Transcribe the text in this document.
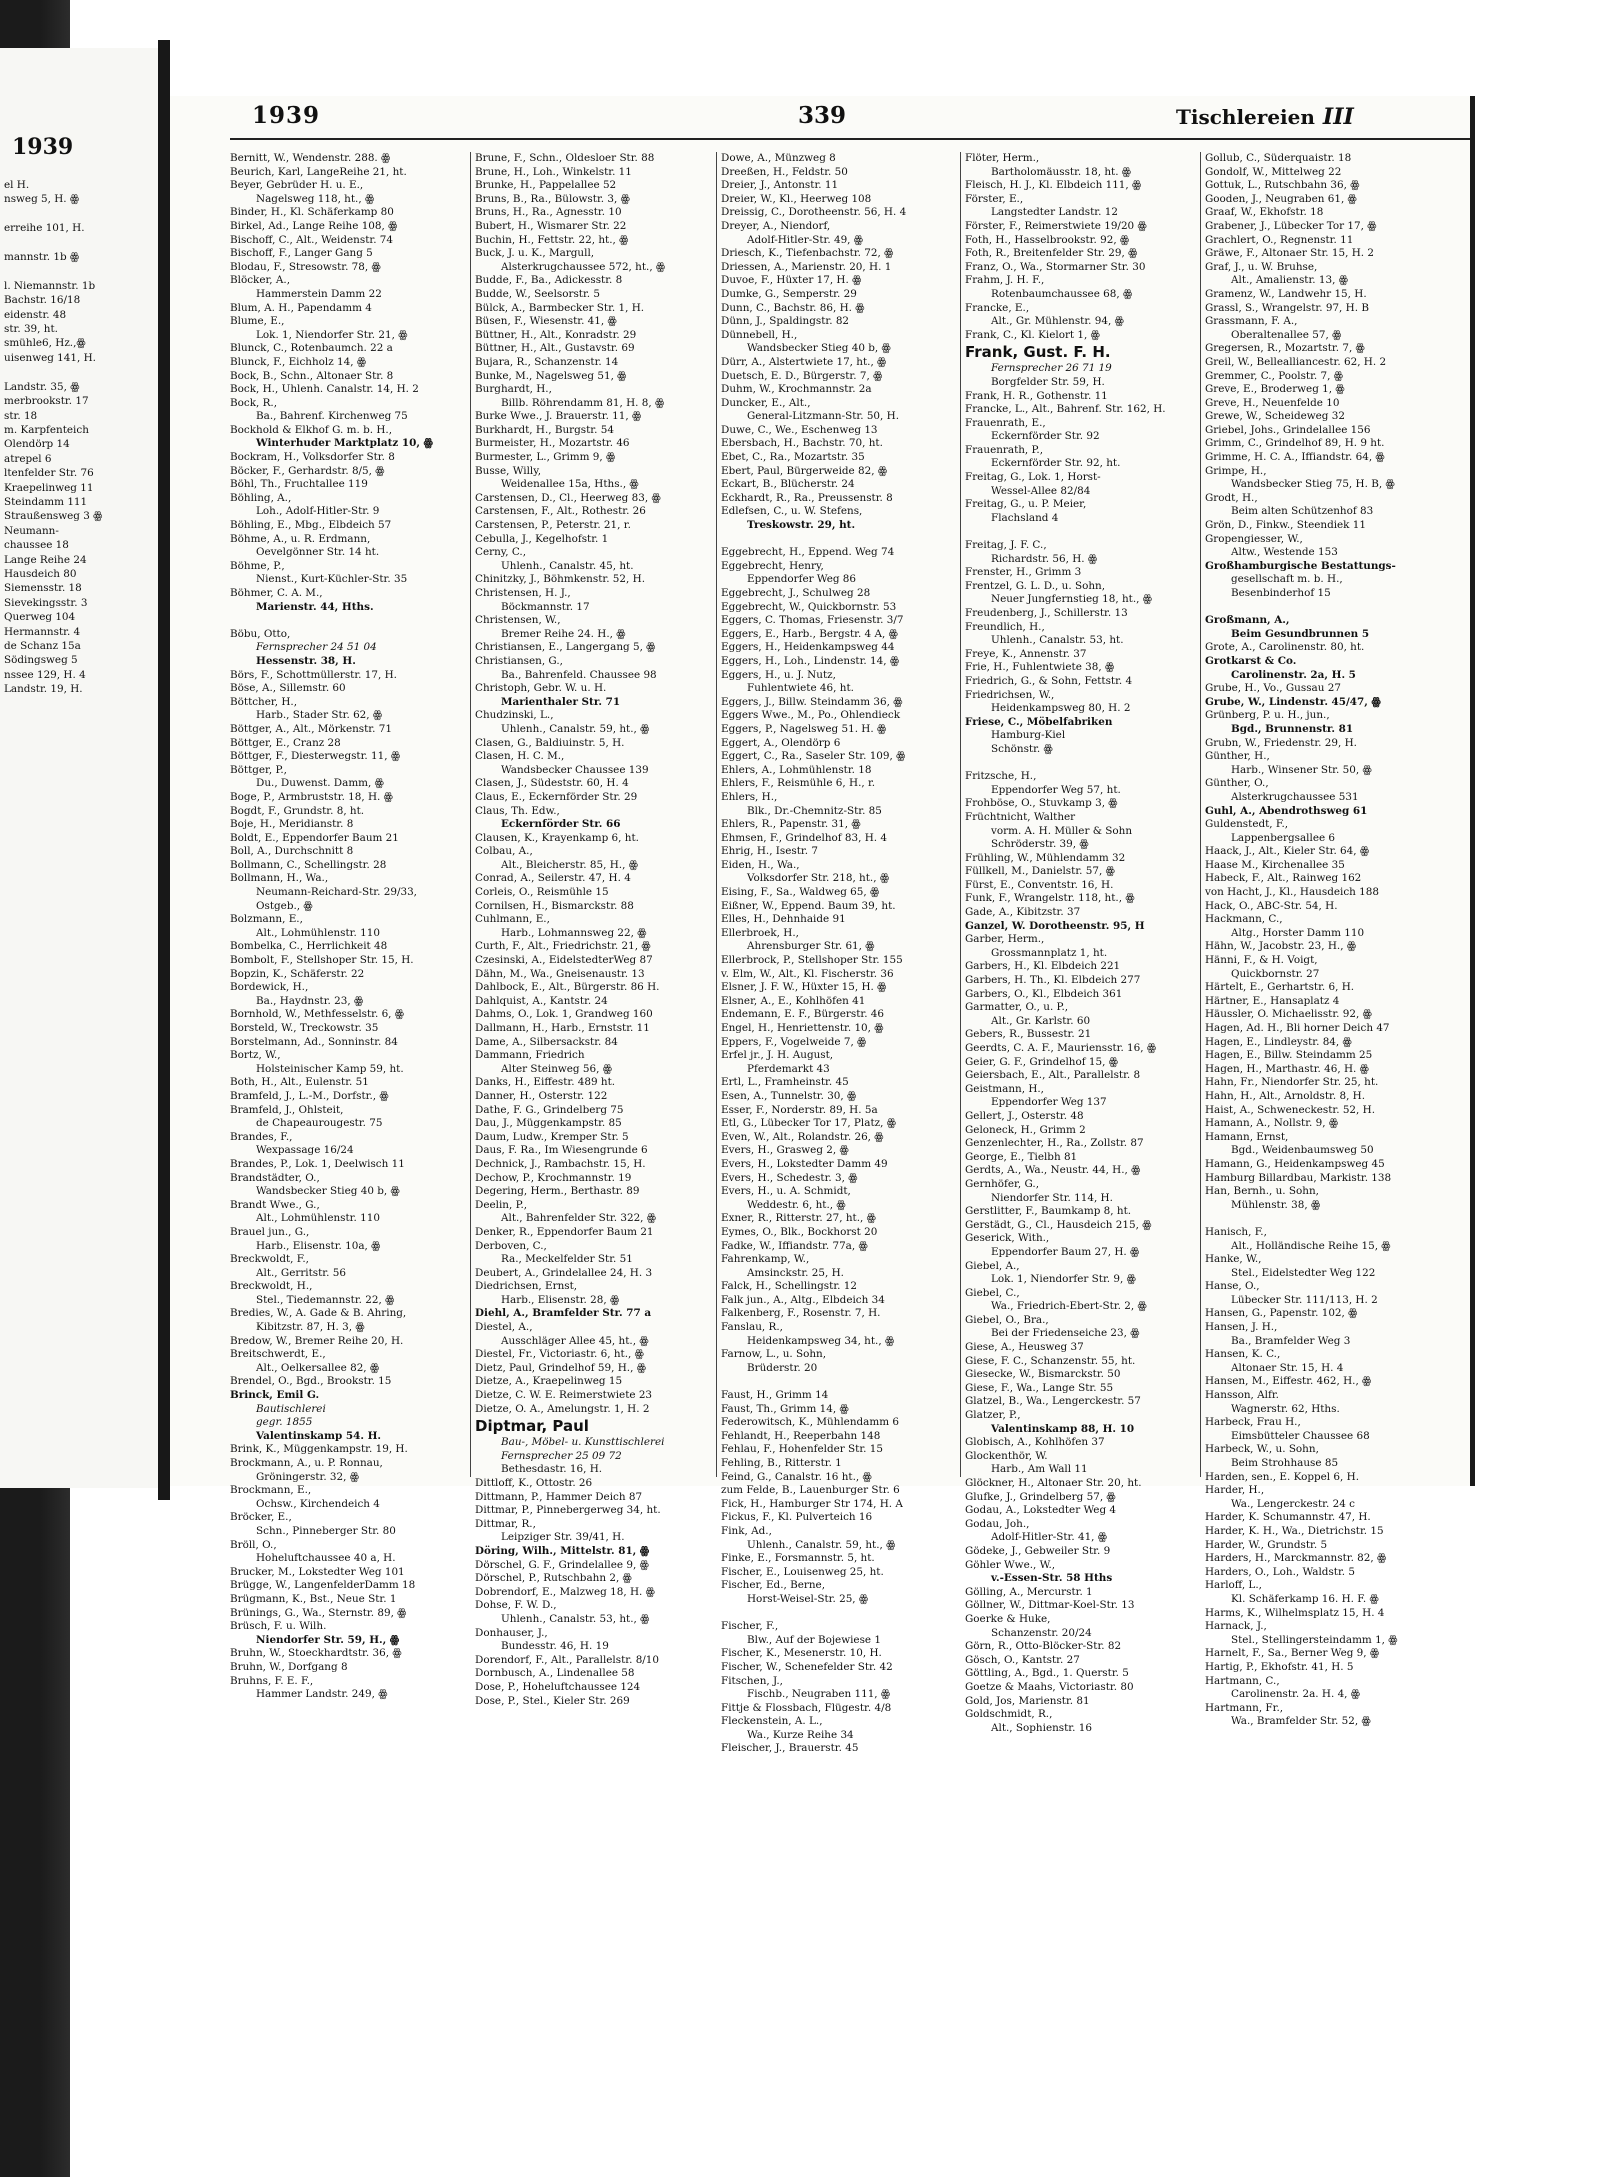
1939
el H.
nsweg 5, H. ꙮ

erreihe 101, H.

mannstr. 1b ꙮ

l. Niemannstr. 1b
Bachstr. 16/18
eidenstr. 48
str. 39, ht.
smühle6, Hz.,ꙮ
uisenweg 141, H.

Landstr. 35, ꙮ
merbrookstr. 17
str. 18
m. Karpfenteich
Olendörp 14
atrepel 6
ltenfelder Str. 76
Kraepelinweg 11
Steindamm 111
Straußensweg 3 ꙮ
Neumann-
chaussee 18
Lange Reihe 24
Hausdeich 80
Siemensstr. 18
Sievekingsstr. 3
Querweg 104
Hermannstr. 4
de Schanz 15a
Södingsweg 5
nssee 129, H. 4
Landstr. 19, H.
1939	339	Tischlereien III
Bernitt, W., Wendenstr. 288. ꙮ
Beurich, Karl, LangeReihe 21, ht.
Beyer, Gebrüder H. u. E.,
Nagelsweg 118, ht., ꙮ
Binder, H., Kl. Schäferkamp 80
Birkel, Ad., Lange Reihe 108, ꙮ
Bischoff, C., Alt., Weidenstr. 74
Bischoff, F., Langer Gang 5
Blodau, F., Stresowstr. 78, ꙮ
Blöcker, A.,
Hammerstein Damm 22
Blum, A. H., Papendamm 4
Blume, E.,
Lok. 1, Niendorfer Str. 21, ꙮ
Blunck, C., Rotenbaumch. 22 a
Blunck, F., Eichholz 14, ꙮ
Bock, B., Schn., Altonaer Str. 8
Bock, H., Uhlenh. Canalstr. 14, H. 2
Bock, R.,
Ba., Bahrenf. Kirchenweg 75
Bockhold & Elkhof G. m. b. H.,
Winterhuder Marktplatz 10, ꙮ
Bockram, H., Volksdorfer Str. 8
Böcker, F., Gerhardstr. 8/5, ꙮ
Böhl, Th., Fruchtallee 119
Böhling, A.,
Loh., Adolf-Hitler-Str. 9
Böhling, E., Mbg., Elbdeich 57
Böhme, A., u. R. Erdmann,
Oevelgönner Str. 14 ht.
Böhme, P.,
Nienst., Kurt-Küchler-Str. 35
Böhmer, C. A. M.,
Marienstr. 44, Hths.

Böbu, Otto,
Fernsprecher 24 51 04
Hessenstr. 38, H.
Börs, F., Schottmüllerstr. 17, H.
Böse, A., Sillemstr. 60
Böttcher, H.,
Harb., Stader Str. 62, ꙮ
Böttger, A., Alt., Mörkenstr. 71
Böttger, E., Cranz 28
Böttger, F., Diesterwegstr. 11, ꙮ
Böttger, P.,
Du., Duwenst. Damm, ꙮ
Boge, P., Armbruststr. 18, H. ꙮ
Bogdt, F., Grundstr. 8, ht.
Boje, H., Meridianstr. 8
Boldt, E., Eppendorfer Baum 21
Boll, A., Durchschnitt 8
Bollmann, C., Schellingstr. 28
Bollmann, H., Wa.,
Neumann-Reichard-Str. 29/33,
Ostgeb., ꙮ
Bolzmann, E.,
Alt., Lohmühlenstr. 110
Bombelka, C., Herrlichkeit 48
Bombolt, F., Stellshoper Str. 15, H.
Bopzin, K., Schäferstr. 22
Bordewick, H.,
Ba., Haydnstr. 23, ꙮ
Bornhold, W., Methfesselstr. 6, ꙮ
Borsteld, W., Treckowstr. 35
Borstelmann, Ad., Sonninstr. 84
Bortz, W.,
Holsteinischer Kamp 59, ht.
Both, H., Alt., Eulenstr. 51
Bramfeld, J., L.-M., Dorfstr., ꙮ
Bramfeld, J., Ohlsteit,
de Chapeaurougestr. 75
Brandes, F.,
Wexpassage 16/24
Brandes, P., Lok. 1, Deelwisch 11
Brandstädter, O.,
Wandsbecker Stieg 40 b, ꙮ
Brandt Wwe., G.,
Alt., Lohmühlenstr. 110
Brauel jun., G.,
Harb., Elisenstr. 10a, ꙮ
Breckwoldt, F.,
Alt., Gerritstr. 56
Breckwoldt, H.,
Stel., Tiedemannstr. 22, ꙮ
Bredies, W., A. Gade & B. Ahring,
Kibitzstr. 87, H. 3, ꙮ
Bredow, W., Bremer Reihe 20, H.
Breitschwerdt, E.,
Alt., Oelkersallee 82, ꙮ
Brendel, O., Bgd., Brookstr. 15
Brinck, Emil G.
Bautischlerei
gegr. 1855
Valentinskamp 54. H.
Brink, K., Müggenkampstr. 19, H.
Brockmann, A., u. P. Ronnau,
Gröningerstr. 32, ꙮ
Brockmann, E.,
Ochsw., Kirchendeich 4
Bröcker, E.,
Schn., Pinneberger Str. 80
Bröll, O.,
Hoheluftchaussee 40 a, H.
Brucker, M., Lokstedter Weg 101
Brügge, W., LangenfelderDamm 18
Brügmann, K., Bst., Neue Str. 1
Brünings, G., Wa., Sternstr. 89, ꙮ
Brüsch, F. u. Wilh.
Niendorfer Str. 59, H., ꙮ
Bruhn, W., Stoeckhardtstr. 36, ꙮ
Bruhn, W., Dorfgang 8
Bruhns, F. E. F.,
Hammer Landstr. 249, ꙮ
Brune, F., Schn., Oldesloer Str. 88
Brune, H., Loh., Winkelstr. 11
Brunke, H., Pappelallee 52
Bruns, B., Ra., Bülowstr. 3, ꙮ
Bruns, H., Ra., Agnesstr. 10
Bubert, H., Wismarer Str. 22
Buchin, H., Fettstr. 22, ht., ꙮ
Buck, J. u. K., Margull,
Alsterkrugchaussee 572, ht., ꙮ
Budde, F., Ba., Adickesstr. 8
Budde, W., Seelsorstr. 5
Bülck, A., Barmbecker Str. 1, H.
Büsen, F., Wiesenstr. 41, ꙮ
Büttner, H., Alt., Konradstr. 29
Büttner, H., Alt., Gustavstr. 69
Bujara, R., Schanzenstr. 14
Bunke, M., Nagelsweg 51, ꙮ
Burghardt, H.,
Billb. Röhrendamm 81, H. 8, ꙮ
Burke Wwe., J. Brauerstr. 11, ꙮ
Burkhardt, H., Burgstr. 54
Burmeister, H., Mozartstr. 46
Burmester, L., Grimm 9, ꙮ
Busse, Willy,
Weidenallee 15a, Hths., ꙮ
Carstensen, D., Cl., Heerweg 83, ꙮ
Carstensen, F., Alt., Rothestr. 26
Carstensen, P., Peterstr. 21, r.
Cebulla, J., Kegelhofstr. 1
Cerny, C.,
Uhlenh., Canalstr. 45, ht.
Chinitzky, J., Böhmkenstr. 52, H.
Christensen, H. J.,
Böckmannstr. 17
Christensen, W.,
Bremer Reihe 24. H., ꙮ
Christiansen, E., Langergang 5, ꙮ
Christiansen, G.,
Ba., Bahrenfeld. Chaussee 98
Christoph, Gebr. W. u. H.
Marienthaler Str. 71
Chudzinski, L.,
Uhlenh., Canalstr. 59, ht., ꙮ
Clasen, G., Baldiuinstr. 5, H.
Clasen, H. C. M.,
Wandsbecker Chaussee 139
Clasen, J., Südeststr. 60, H. 4
Claus, E., Eckernförder Str. 29
Claus, Th. Edw.,
Eckernförder Str. 66
Clausen, K., Krayenkamp 6, ht.
Colbau, A.,
Alt., Bleicherstr. 85, H., ꙮ
Conrad, A., Seilerstr. 47, H. 4
Corleis, O., Reismühle 15
Cornilsen, H., Bismarckstr. 88
Cuhlmann, E.,
Harb., Lohmannsweg 22, ꙮ
Curth, F., Alt., Friedrichstr. 21, ꙮ
Czesinski, A., EidelstedterWeg 87
Dähn, M., Wa., Gneisenaustr. 13
Dahlbock, E., Alt., Bürgerstr. 86 H.
Dahlquist, A., Kantstr. 24
Dahms, O., Lok. 1, Grandweg 160
Dallmann, H., Harb., Ernststr. 11
Dame, A., Silbersackstr. 84
Dammann, Friedrich
Alter Steinweg 56, ꙮ
Danks, H., Eiffestr. 489 ht.
Danner, H., Osterstr. 122
Dathe, F. G., Grindelberg 75
Dau, J., Müggenkampstr. 85
Daum, Ludw., Kremper Str. 5
Daus, F. Ra., Im Wiesengrunde 6
Dechnick, J., Rambachstr. 15, H.
Dechow, P., Krochmannstr. 19
Degering, Herm., Berthastr. 89
Deelin, P.,
Alt., Bahrenfelder Str. 322, ꙮ
Denker, R., Eppendorfer Baum 21
Derboven, C.,
Ra., Meckelfelder Str. 51
Deubert, A., Grindelallee 24, H. 3
Diedrichsen, Ernst,
Harb., Elisenstr. 28, ꙮ
Diehl, A., Bramfelder Str. 77 a
Diestel, A.,
Ausschläger Allee 45, ht., ꙮ
Diestel, Fr., Victoriastr. 6, ht., ꙮ
Dietz, Paul, Grindelhof 59, H., ꙮ
Dietze, A., Kraepelinweg 15
Dietze, C. W. E. Reimerstwiete 23
Dietze, O. A., Amelungstr. 1, H. 2
Diptmar, Paul
Bau-, Möbel- u. Kunsttischlerei
Fernsprecher 25 09 72
Bethesdastr. 16, H.
Dittloff, K., Ottostr. 26
Dittmann, P., Hammer Deich 87
Dittmar, P., Pinnebergerweg 34, ht.
Dittmar, R.,
Leipziger Str. 39/41, H.
Döring, Wilh., Mittelstr. 81, ꙮ
Dörschel, G. F., Grindelallee 9, ꙮ
Dörschel, P., Rutschbahn 2, ꙮ
Dobrendorf, E., Malzweg 18, H. ꙮ
Dohse, F. W. D.,
Uhlenh., Canalstr. 53, ht., ꙮ
Donhauser, J.,
Bundesstr. 46, H. 19
Dorendorf, F., Alt., Parallelstr. 8/10
Dornbusch, A., Lindenallee 58
Dose, P., Hoheluftchaussee 124
Dose, P., Stel., Kieler Str. 269
Dowe, A., Münzweg 8
Dreeßen, H., Feldstr. 50
Dreier, J., Antonstr. 11
Dreier, W., Kl., Heerweg 108
Dreissig, C., Dorotheenstr. 56, H. 4
Dreyer, A., Niendorf,
Adolf-Hitler-Str. 49, ꙮ
Driesch, K., Tiefenbachstr. 72, ꙮ
Driessen, A., Marienstr. 20, H. 1
Duvoe, F., Hüxter 17, H. ꙮ
Dumke, G., Semperstr. 29
Dunn, C., Bachstr. 86, H. ꙮ
Dünn, J., Spaldingstr. 82
Dünnebell, H.,
Wandsbecker Stieg 40 b, ꙮ
Dürr, A., Alstertwiete 17, ht., ꙮ
Duetsch, E. D., Bürgerstr. 7, ꙮ
Duhm, W., Krochmannstr. 2a
Duncker, E., Alt.,
General-Litzmann-Str. 50, H.
Duwe, C., We., Eschenweg 13
Ebersbach, H., Bachstr. 70, ht.
Ebet, C., Ra., Mozartstr. 35
Ebert, Paul, Bürgerweide 82, ꙮ
Eckart, B., Blücherstr. 24
Eckhardt, R., Ra., Preussenstr. 8
Edlefsen, C., u. W. Stefens,
Treskowstr. 29, ht.

Eggebrecht, H., Eppend. Weg 74
Eggebrecht, Henry,
Eppendorfer Weg 86
Eggebrecht, J., Schulweg 28
Eggebrecht, W., Quickbornstr. 53
Eggers, C. Thomas, Friesenstr. 3/7
Eggers, E., Harb., Bergstr. 4 A, ꙮ
Eggers, H., Heidenkampsweg 44
Eggers, H., Loh., Lindenstr. 14, ꙮ
Eggers, H., u. J. Nutz,
Fuhlentwiete 46, ht.
Eggers, J., Billw. Steindamm 36, ꙮ
Eggers Wwe., M., Po., Ohlendieck
Eggers, P., Nagelsweg 51. H. ꙮ
Eggert, A., Olendörp 6
Eggert, C., Ra., Saseler Str. 109, ꙮ
Ehlers, A., Lohmühlenstr. 18
Ehlers, F., Reismühle 6, H., r.
Ehlers, H.,
Blk., Dr.-Chemnitz-Str. 85
Ehlers, R., Papenstr. 31, ꙮ
Ehmsen, F., Grindelhof 83, H. 4
Ehrig, H., Isestr. 7
Eiden, H., Wa.,
Volksdorfer Str. 218, ht., ꙮ
Eising, F., Sa., Waldweg 65, ꙮ
Eißner, W., Eppend. Baum 39, ht.
Elles, H., Dehnhaide 91
Ellerbroek, H.,
Ahrensburger Str. 61, ꙮ
Ellerbrock, P., Stellshoper Str. 155
v. Elm, W., Alt., Kl. Fischerstr. 36
Elsner, J. F. W., Hüxter 15, H. ꙮ
Elsner, A., E., Kohlhöfen 41
Endemann, E. F., Bürgerstr. 46
Engel, H., Henriettenstr. 10, ꙮ
Eppers, F., Vogelweide 7, ꙮ
Erfel jr., J. H. August,
Pferdemarkt 43
Ertl, L., Framheinstr. 45
Esen, A., Tunnelstr. 30, ꙮ
Esser, F., Norderstr. 89, H. 5a
Etl, G., Lübecker Tor 17, Platz, ꙮ
Even, W., Alt., Rolandstr. 26, ꙮ
Evers, H., Grasweg 2, ꙮ
Evers, H., Lokstedter Damm 49
Evers, H., Schedestr. 3, ꙮ
Evers, H., u. A. Schmidt,
Weddestr. 6, ht., ꙮ
Exner, R., Ritterstr. 27, ht., ꙮ
Eymes, O., Blk., Bockhorst 20
Fadke, W., Iffiandstr. 77a, ꙮ
Fahrenkamp, W.,
Amsinckstr. 25, H.
Falck, H., Schellingstr. 12
Falk jun., A., Altg., Elbdeich 34
Falkenberg, F., Rosenstr. 7, H.
Fanslau, R.,
Heidenkampsweg 34, ht., ꙮ
Farnow, L., u. Sohn,
Brüderstr. 20

Faust, H., Grimm 14
Faust, Th., Grimm 14, ꙮ
Federowitsch, K., Mühlendamm 6
Fehlandt, H., Reeperbahn 148
Fehlau, F., Hohenfelder Str. 15
Fehling, B., Ritterstr. 1
Feind, G., Canalstr. 16 ht., ꙮ
zum Felde, B., Lauenburger Str. 6
Fick, H., Hamburger Str 174, H. A
Fickus, F., Kl. Pulverteich 16
Fink, Ad.,
Uhlenh., Canalstr. 59, ht., ꙮ
Finke, E., Forsmannstr. 5, ht.
Fischer, E., Louisenweg 25, ht.
Fischer, Ed., Berne,
Horst-Weisel-Str. 25, ꙮ

Fischer, F.,
Blw., Auf der Bojewiese 1
Fischer, K., Mesenerstr. 10, H.
Fischer, W., Schenefelder Str. 42
Fitschen, J.,
Fischb., Neugraben 111, ꙮ
Fittje & Flossbach, Flügestr. 4/8
Fleckenstein, A. L.,
Wa., Kurze Reihe 34
Fleischer, J., Brauerstr. 45
Flöter, Herm.,
Bartholomäusstr. 18, ht. ꙮ
Fleisch, H. J., Kl. Elbdeich 111, ꙮ
Förster, E.,
Langstedter Landstr. 12
Förster, F., Reimerstwiete 19/20 ꙮ
Foth, H., Hasselbrookstr. 92, ꙮ
Foth, R., Breitenfelder Str. 29, ꙮ
Franz, O., Wa., Stormarner Str. 30
Frahm, J. H. F.,
Rotenbaumchaussee 68, ꙮ
Francke, E.,
Alt., Gr. Mühlenstr. 94, ꙮ
Frank, C., Kl. Kielort 1, ꙮ
Frank, Gust. F. H.
Fernsprecher 26 71 19
Borgfelder Str. 59, H.
Frank, H. R., Gothenstr. 11
Francke, L., Alt., Bahrenf. Str. 162, H.
Frauenrath, E.,
Eckernförder Str. 92
Frauenrath, P.,
Eckernförder Str. 92, ht.
Freitag, G., Lok. 1, Horst-
Wessel-Allee 82/84
Freitag, G., u. P. Meier,
Flachsland 4

Freitag, J. F. C.,
Richardstr. 56, H. ꙮ
Frenster, H., Grimm 3
Frentzel, G. L. D., u. Sohn,
Neuer Jungfernstieg 18, ht., ꙮ
Freudenberg, J., Schillerstr. 13
Freundlich, H.,
Uhlenh., Canalstr. 53, ht.
Freye, K., Annenstr. 37
Frie, H., Fuhlentwiete 38, ꙮ
Friedrich, G., & Sohn, Fettstr. 4
Friedrichsen, W.,
Heidenkampsweg 80, H. 2
Friese, C., Möbelfabriken
Hamburg-Kiel
Schönstr. ꙮ

Fritzsche, H.,
Eppendorfer Weg 57, ht.
Frohböse, O., Stuvkamp 3, ꙮ
Früchtnicht, Walther
vorm. A. H. Müller & Sohn
Schröderstr. 39, ꙮ
Frühling, W., Mühlendamm 32
Füllkell, M., Danielstr. 57, ꙮ
Fürst, E., Conventstr. 16, H.
Funk, F., Wrangelstr. 118, ht., ꙮ
Gade, A., Kibitzstr. 37
Ganzel, W. Dorotheenstr. 95, H
Garber, Herm.,
Grossmannplatz 1, ht.
Garbers, H., Kl. Elbdeich 221
Garbers, H. Th., Kl. Elbdeich 277
Garbers, O., Kl., Elbdeich 361
Garmatter, O., u. P.,
Alt., Gr. Karlstr. 60
Gebers, R., Bussestr. 21
Geerdts, C. A. F., Mauriensstr. 16, ꙮ
Geier, G. F., Grindelhof 15, ꙮ
Geiersbach, E., Alt., Parallelstr. 8
Geistmann, H.,
Eppendorfer Weg 137
Gellert, J., Osterstr. 48
Geloneck, H., Grimm 2
Genzenlechter, H., Ra., Zollstr. 87
George, E., Tielbh 81
Gerdts, A., Wa., Neustr. 44, H., ꙮ
Gernhöfer, G.,
Niendorfer Str. 114, H.
Gerstlitter, F., Baumkamp 8, ht.
Gerstädt, G., Cl., Hausdeich 215, ꙮ
Geserick, With.,
Eppendorfer Baum 27, H. ꙮ
Giebel, A.,
Lok. 1, Niendorfer Str. 9, ꙮ
Giebel, C.,
Wa., Friedrich-Ebert-Str. 2, ꙮ
Giebel, O., Bra.,
Bei der Friedenseiche 23, ꙮ
Giese, A., Heusweg 37
Giese, F. C., Schanzenstr. 55, ht.
Giesecke, W., Bismarckstr. 50
Giese, F., Wa., Lange Str. 55
Glatzel, B., Wa., Lengerckestr. 57
Glatzer, P.,
Valentinskamp 88, H. 10
Globisch, A., Kohlhöfen 37
Glockenthör, W.
Harb., Am Wall 11
Glöckner, H., Altonaer Str. 20, ht.
Glufke, J., Grindelberg 57, ꙮ
Godau, A., Lokstedter Weg 4
Godau, Joh.,
Adolf-Hitler-Str. 41, ꙮ
Gödeke, J., Gebweiler Str. 9
Göhler Wwe., W.,
v.-Essen-Str. 58 Hths
Gölling, A., Mercurstr. 1
Göllner, W., Dittmar-Koel-Str. 13
Goerke & Huke,
Schanzenstr. 20/24
Görn, R., Otto-Blöcker-Str. 82
Gösch, O., Kantstr. 27
Göttling, A., Bgd., 1. Querstr. 5
Goetze & Maahs, Victoriastr. 80
Gold, Jos, Marienstr. 81
Goldschmidt, R.,
Alt., Sophienstr. 16
Gollub, C., Süderquaistr. 18
Gondolf, W., Mittelweg 22
Gottuk, L., Rutschbahn 36, ꙮ
Gooden, J., Neugraben 61, ꙮ
Graaf, W., Ekhofstr. 18
Grabener, J., Lübecker Tor 17, ꙮ
Grachlert, O., Regnenstr. 11
Gräwe, F., Altonaer Str. 15, H. 2
Graf, J., u. W. Bruhse,
Alt., Amalienstr. 13, ꙮ
Gramenz, W., Landwehr 15, H.
Grassl, S., Wrangelstr. 97, H. B
Grassmann, F. A.,
Oberaltenallee 57, ꙮ
Gregersen, R., Mozartstr. 7, ꙮ
Greil, W., Bellealliancestr. 62, H. 2
Gremmer, C., Poolstr. 7, ꙮ
Greve, E., Broderweg 1, ꙮ
Greve, H., Neuenfelde 10
Grewe, W., Scheideweg 32
Griebel, Johs., Grindelallee 156
Grimm, C., Grindelhof 89, H. 9 ht.
Grimme, H. C. A., Iffiandstr. 64, ꙮ
Grimpe, H.,
Wandsbecker Stieg 75, H. B, ꙮ
Grodt, H.,
Beim alten Schützenhof 83
Grön, D., Finkw., Steendiek 11
Gropengiesser, W.,
Altw., Westende 153
Großhamburgische Bestattungs-
gesellschaft m. b. H.,
Besenbinderhof 15

Großmann, A.,
Beim Gesundbrunnen 5
Grote, A., Carolinenstr. 80, ht.
Grotkarst & Co.
Carolinenstr. 2a, H. 5
Grube, H., Vo., Gussau 27
Grube, W., Lindenstr. 45/47, ꙮ
Grünberg, P. u. H., jun.,
Bgd., Brunnenstr. 81
Grubn, W., Friedenstr. 29, H.
Günther, H.,
Harb., Winsener Str. 50, ꙮ
Günther, O.,
Alsterkrugchaussee 531
Guhl, A., Abendrothsweg 61
Guldenstedt, F.,
Lappenbergsallee 6
Haack, J., Alt., Kieler Str. 64, ꙮ
Haase M., Kirchenallee 35
Habeck, F., Alt., Rainweg 162
von Hacht, J., Kl., Hausdeich 188
Hack, O., ABC-Str. 54, H.
Hackmann, C.,
Altg., Horster Damm 110
Hähn, W., Jacobstr. 23, H., ꙮ
Hänni, F., & H. Voigt,
Quickbornstr. 27
Härtelt, E., Gerhartstr. 6, H.
Härtner, E., Hansaplatz 4
Häussler, O. Michaelisstr. 92, ꙮ
Hagen, Ad. H., Bli horner Deich 47
Hagen, E., Lindleystr. 84, ꙮ
Hagen, E., Billw. Steindamm 25
Hagen, H., Marthastr. 46, H. ꙮ
Hahn, Fr., Niendorfer Str. 25, ht.
Hahn, H., Alt., Arnoldstr. 8, H.
Haist, A., Schweneckestr. 52, H.
Hamann, A., Nollstr. 9, ꙮ
Hamann, Ernst,
Bgd., Weidenbaumsweg 50
Hamann, G., Heidenkampsweg 45
Hamburg Billardbau, Markistr. 138
Han, Bernh., u. Sohn,
Mühlenstr. 38, ꙮ

Hanisch, F.,
Alt., Holländische Reihe 15, ꙮ
Hanke, W.,
Stel., Eidelstedter Weg 122
Hanse, O.,
Lübecker Str. 111/113, H. 2
Hansen, G., Papenstr. 102, ꙮ
Hansen, J. H.,
Ba., Bramfelder Weg 3
Hansen, K. C.,
Altonaer Str. 15, H. 4
Hansen, M., Eiffestr. 462, H., ꙮ
Hansson, Alfr.
Wagnerstr. 62, Hths.
Harbeck, Frau H.,
Eimsbütteler Chaussee 68
Harbeck, W., u. Sohn,
Beim Strohhause 85
Harden, sen., E. Koppel 6, H.
Harder, H.,
Wa., Lengerckestr. 24 c
Harder, K. Schumannstr. 47, H.
Harder, K. H., Wa., Dietrichstr. 15
Harder, W., Grundstr. 5
Harders, H., Marckmannstr. 82, ꙮ
Harders, O., Loh., Waldstr. 5
Harloff, L.,
Kl. Schäferkamp 16. H. F. ꙮ
Harms, K., Wilhelmsplatz 15, H. 4
Harnack, J.,
Stel., Stellingersteindamm 1, ꙮ
Harnelt, F., Sa., Berner Weg 9, ꙮ
Hartig, P., Ekhofstr. 41, H. 5
Hartmann, C.,
Carolinenstr. 2a. H. 4, ꙮ
Hartmann, Fr.,
Wa., Bramfelder Str. 52, ꙮ
